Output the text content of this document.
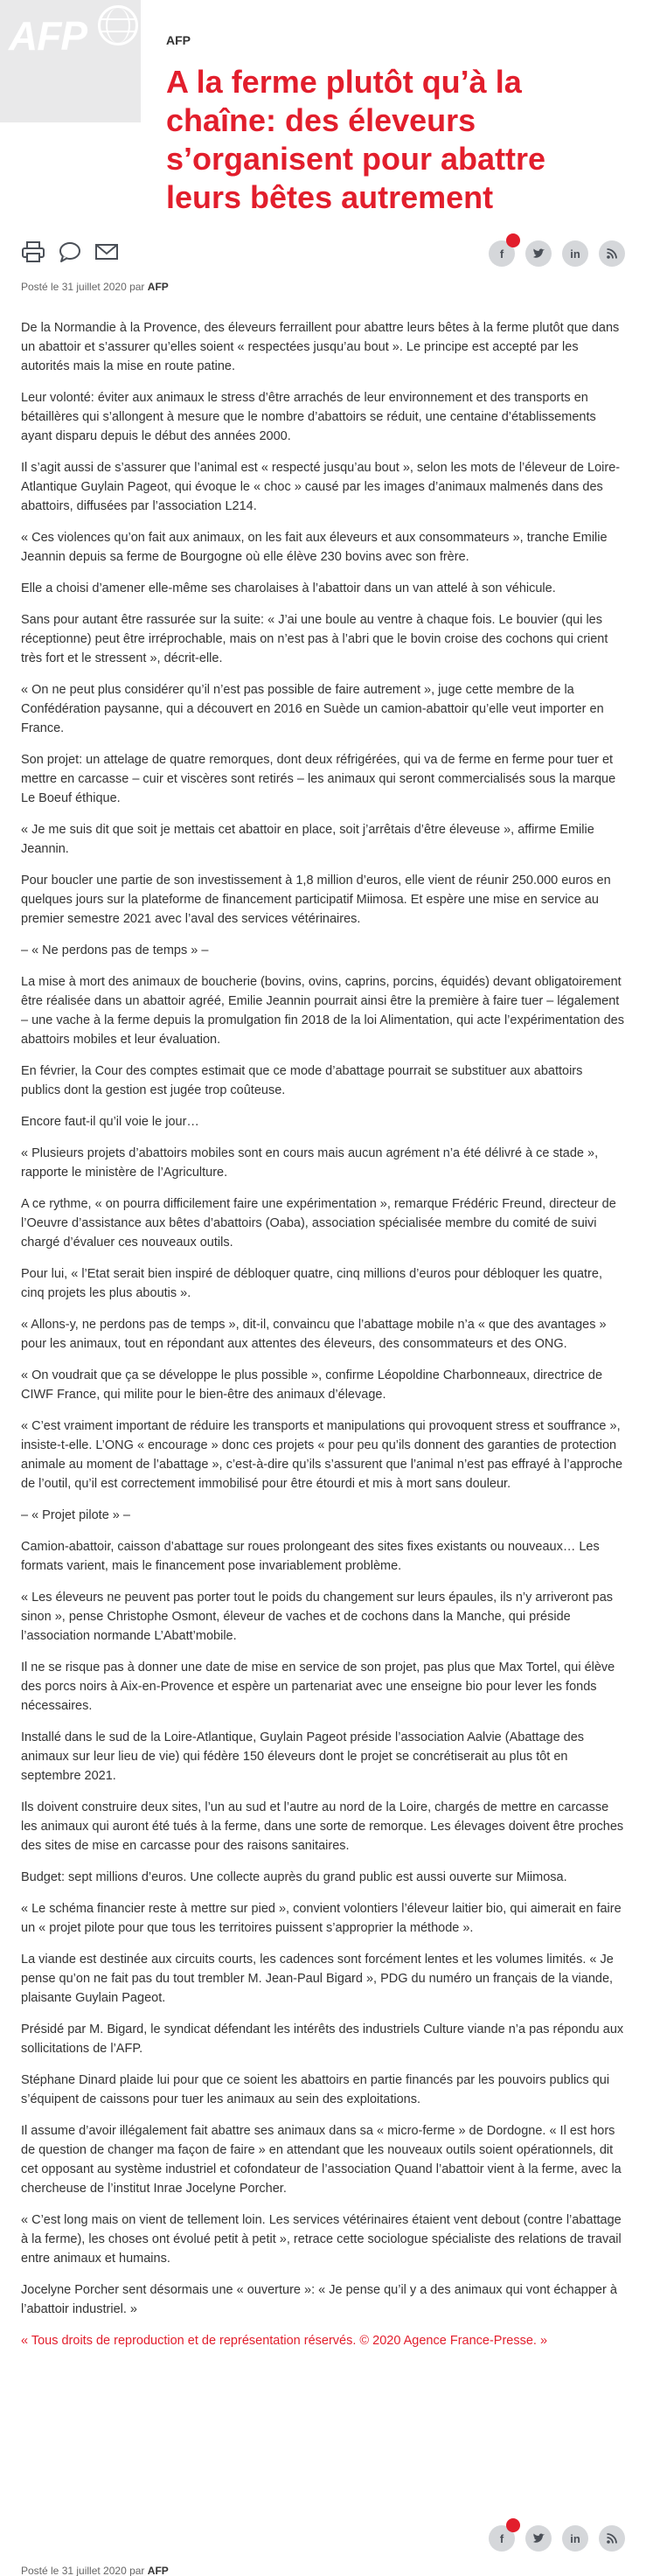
AFP	AFP
A la ferme plutôt qu’à la chaîne: des éleveurs s’organisent pour abattre leurs bêtes autrement
f	in
Posté le 31 juillet 2020 par AFP

De la Normandie à la Provence, des éleveurs ferraillent pour abattre leurs bêtes à la ferme plutôt que dans un abattoir et s’assurer qu’elles soient « respectées jusqu’au bout ». Le principe est accepté par les autorités mais la mise en route patine.

Leur volonté: éviter aux animaux le stress d’être arrachés de leur environnement et des transports en bétaillères qui s’allongent à mesure que le nombre d’abattoirs se réduit, une centaine d’établissements ayant disparu depuis le début des années 2000.

Il s’agit aussi de s’assurer que l’animal est « respecté jusqu’au bout », selon les mots de l’éleveur de Loire-Atlantique Guylain Pageot, qui évoque le « choc » causé par les images d’animaux malmenés dans des abattoirs, diffusées par l’association L214.

« Ces violences qu’on fait aux animaux, on les fait aux éleveurs et aux consommateurs », tranche Emilie Jeannin depuis sa ferme de Bourgogne où elle élève 230 bovins avec son frère.

Elle a choisi d’amener elle-même ses charolaises à l’abattoir dans un van attelé à son véhicule.

Sans pour autant être rassurée sur la suite: « J’ai une boule au ventre à chaque fois. Le bouvier (qui les réceptionne) peut être irréprochable, mais on n’est pas à l’abri que le bovin croise des cochons qui crient très fort et le stressent », décrit-elle.

« On ne peut plus considérer qu’il n’est pas possible de faire autrement », juge cette membre de la Confédération paysanne, qui a découvert en 2016 en Suède un camion-abattoir qu’elle veut importer en France.

Son projet: un attelage de quatre remorques, dont deux réfrigérées, qui va de ferme en ferme pour tuer et mettre en carcasse – cuir et viscères sont retirés – les animaux qui seront commercialisés sous la marque Le Boeuf éthique.

« Je me suis dit que soit je mettais cet abattoir en place, soit j’arrêtais d’être éleveuse », affirme Emilie Jeannin.

Pour boucler une partie de son investissement à 1,8 million d’euros, elle vient de réunir 250.000 euros en quelques jours sur la plateforme de financement participatif Miimosa. Et espère une mise en service au premier semestre 2021 avec l’aval des services vétérinaires.

– « Ne perdons pas de temps » –

La mise à mort des animaux de boucherie (bovins, ovins, caprins, porcins, équidés) devant obligatoirement être réalisée dans un abattoir agréé, Emilie Jeannin pourrait ainsi être la première à faire tuer – légalement – une vache à la ferme depuis la promulgation fin 2018 de la loi Alimentation, qui acte l’expérimentation des abattoirs mobiles et leur évaluation.

En février, la Cour des comptes estimait que ce mode d’abattage pourrait se substituer aux abattoirs publics dont la gestion est jugée trop coûteuse.

Encore faut-il qu’il voie le jour…

« Plusieurs projets d’abattoirs mobiles sont en cours mais aucun agrément n’a été délivré à ce stade », rapporte le ministère de l’Agriculture.

A ce rythme, « on pourra difficilement faire une expérimentation », remarque Frédéric Freund, directeur de l’Oeuvre d’assistance aux bêtes d’abattoirs (Oaba), association spécialisée membre du comité de suivi chargé d’évaluer ces nouveaux outils.

Pour lui, « l’Etat serait bien inspiré de débloquer quatre, cinq millions d’euros pour débloquer les quatre, cinq projets les plus aboutis ».

« Allons-y, ne perdons pas de temps », dit-il, convaincu que l’abattage mobile n’a « que des avantages » pour les animaux, tout en répondant aux attentes des éleveurs, des consommateurs et des ONG.

« On voudrait que ça se développe le plus possible », confirme Léopoldine Charbonneaux, directrice de CIWF France, qui milite pour le bien-être des animaux d’élevage.

« C’est vraiment important de réduire les transports et manipulations qui provoquent stress et souffrance », insiste-t-elle. L’ONG « encourage » donc ces projets « pour peu qu’ils donnent des garanties de protection animale au moment de l’abattage », c’est-à-dire qu’ils s’assurent que l’animal n’est pas effrayé à l’approche de l’outil, qu’il est correctement immobilisé pour être étourdi et mis à mort sans douleur.

– « Projet pilote » –

Camion-abattoir, caisson d’abattage sur roues prolongeant des sites fixes existants ou nouveaux… Les formats varient, mais le financement pose invariablement problème.

« Les éleveurs ne peuvent pas porter tout le poids du changement sur leurs épaules, ils n’y arriveront pas sinon », pense Christophe Osmont, éleveur de vaches et de cochons dans la Manche, qui préside l’association normande L’Abatt’mobile.

Il ne se risque pas à donner une date de mise en service de son projet, pas plus que Max Tortel, qui élève des porcs noirs à Aix-en-Provence et espère un partenariat avec une enseigne bio pour lever les fonds nécessaires.

Installé dans le sud de la Loire-Atlantique, Guylain Pageot préside l’association Aalvie (Abattage des animaux sur leur lieu de vie) qui fédère 150 éleveurs dont le projet se concrétiserait au plus tôt en septembre 2021.

Ils doivent construire deux sites, l’un au sud et l’autre au nord de la Loire, chargés de mettre en carcasse les animaux qui auront été tués à la ferme, dans une sorte de remorque. Les élevages doivent être proches des sites de mise en carcasse pour des raisons sanitaires.

Budget: sept millions d’euros. Une collecte auprès du grand public est aussi ouverte sur Miimosa.

« Le schéma financier reste à mettre sur pied », convient volontiers l’éleveur laitier bio, qui aimerait en faire un « projet pilote pour que tous les territoires puissent s’approprier la méthode ».

La viande est destinée aux circuits courts, les cadences sont forcément lentes et les volumes limités. « Je pense qu’on ne fait pas du tout trembler M. Jean-Paul Bigard », PDG du numéro un français de la viande, plaisante Guylain Pageot.

Présidé par M. Bigard, le syndicat défendant les intérêts des industriels Culture viande n’a pas répondu aux sollicitations de l’AFP.

Stéphane Dinard plaide lui pour que ce soient les abattoirs en partie financés par les pouvoirs publics qui s’équipent de caissons pour tuer les animaux au sein des exploitations.

Il assume d’avoir illégalement fait abattre ses animaux dans sa « micro-ferme » de Dordogne. « Il est hors de question de changer ma façon de faire » en attendant que les nouveaux outils soient opérationnels, dit cet opposant au système industriel et cofondateur de l’association Quand l’abattoir vient à la ferme, avec la chercheuse de l’institut Inrae Jocelyne Porcher.

« C’est long mais on vient de tellement loin. Les services vétérinaires étaient vent debout (contre l’abattage à la ferme), les choses ont évolué petit à petit », retrace cette sociologue spécialiste des relations de travail entre animaux et humains.

Jocelyne Porcher sent désormais une « ouverture »: « Je pense qu’il y a des animaux qui vont échapper à l’abattoir industriel. »

« Tous droits de reproduction et de représentation réservés. © 2020 Agence France-Presse. »

f	in
Posté le 31 juillet 2020 par AFP
